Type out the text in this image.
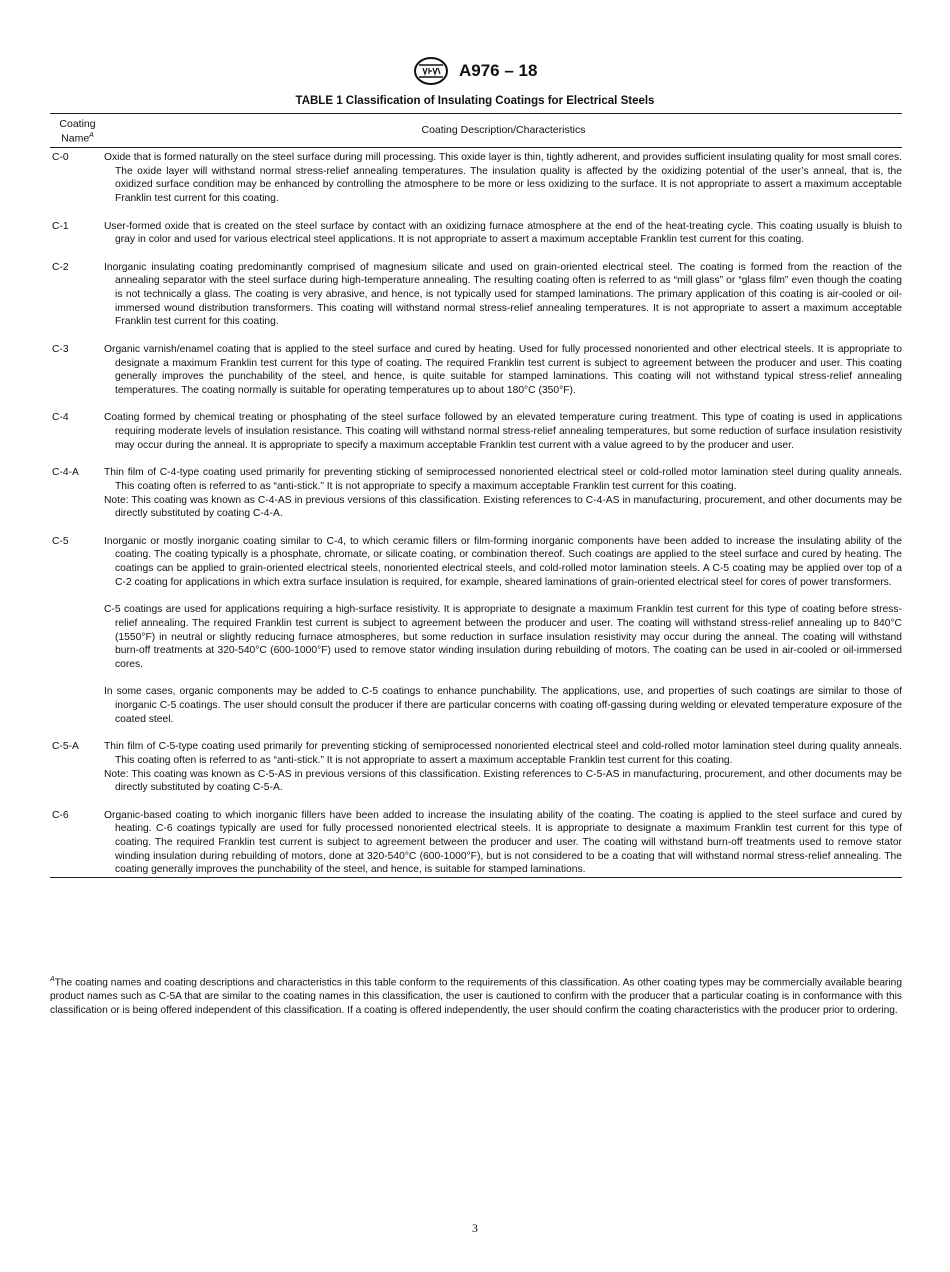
A976 – 18
TABLE 1 Classification of Insulating Coatings for Electrical Steels
Coating
Name$^A$	Coating Description/Characteristics
C-0	Oxide that is formed naturally on the steel surface during mill processing. This oxide layer is thin, tightly adherent, and provides sufficient insulating quality for most small cores. The oxide layer will withstand normal stress-relief annealing temperatures. The insulation quality is affected by the oxidizing potential of the user’s anneal, that is, the oxidized surface condition may be enhanced by controlling the atmosphere to be more or less oxidizing to the surface. It is not appropriate to assert a maximum acceptable Franklin test current for this coating.
C-1	User-formed oxide that is created on the steel surface by contact with an oxidizing furnace atmosphere at the end of the heat-treating cycle. This coating usually is bluish to gray in color and used for various electrical steel applications. It is not appropriate to assert a maximum acceptable Franklin test current for this coating.
C-2	Inorganic insulating coating predominantly comprised of magnesium silicate and used on grain-oriented electrical steel. The coating is formed from the reaction of the annealing separator with the steel surface during high-temperature annealing. The resulting coating often is referred to as “mill glass” or “glass film” even though the coating is not technically a glass. The coating is very abrasive, and hence, is not typically used for stamped laminations. The primary application of this coating is air-cooled or oil-immersed wound distribution transformers. This coating will withstand normal stress-relief annealing temperatures. It is not appropriate to assert a maximum acceptable Franklin test current for this coating.
C-3	Organic varnish/enamel coating that is applied to the steel surface and cured by heating. Used for fully processed nonoriented and other electrical steels. It is appropriate to designate a maximum Franklin test current for this type of coating. The required Franklin test current is subject to agreement between the producer and user. This coating generally improves the punchability of the steel, and hence, is quite suitable for stamped laminations. This coating will not withstand typical stress-relief annealing temperatures. The coating normally is suitable for operating temperatures up to about 180°C (350°F).
C-4	Coating formed by chemical treating or phosphating of the steel surface followed by an elevated temperature curing treatment. This type of coating is used in applications requiring moderate levels of insulation resistance. This coating will withstand normal stress-relief annealing temperatures, but some reduction of surface insulation resistivity may occur during the anneal. It is appropriate to specify a maximum acceptable Franklin test current with a value agreed to by the producer and user.
C-4-A	Thin film of C-4-type coating used primarily for preventing sticking of semiprocessed nonoriented electrical steel or cold-rolled motor lamination steel during quality anneals. This coating often is referred to as “anti-stick.” It is not appropriate to specify a maximum acceptable Franklin test current for this coating.
Note: This coating was known as C-4-AS in previous versions of this classification. Existing references to C-4-AS in manufacturing, procurement, and other documents may be directly substituted by coating C-4-A.
C-5	Inorganic or mostly inorganic coating similar to C-4, to which ceramic fillers or film-forming inorganic components have been added to increase the insulating ability of the coating. The coating typically is a phosphate, chromate, or silicate coating, or combination thereof. Such coatings are applied to the steel surface and cured by heating. The coatings can be applied to grain-oriented electrical steels, nonoriented electrical steels, and cold-rolled motor lamination steels. A C-5 coating may be applied over top of a C-2 coating for applications in which extra surface insulation is required, for example, sheared laminations of grain-oriented electrical steel for cores of power transformers.
C-5 coatings are used for applications requiring a high-surface resistivity. It is appropriate to designate a maximum Franklin test current for this type of coating before stress-relief annealing. The required Franklin test current is subject to agreement between the producer and user. The coating will withstand stress-relief annealing up to 840°C (1550°F) in neutral or slightly reducing furnace atmospheres, but some reduction in surface insulation resistivity may occur during the anneal. The coating will withstand burn-off treatments at 320-540°C (600-1000°F) used to remove stator winding insulation during rebuilding of motors. The coating can be used in air-cooled or oil-immersed cores.
In some cases, organic components may be added to C-5 coatings to enhance punchability. The applications, use, and properties of such coatings are similar to those of inorganic C-5 coatings. The user should consult the producer if there are particular concerns with coating off-gassing during welding or elevated temperature exposure of the coated steel.
C-5-A	Thin film of C-5-type coating used primarily for preventing sticking of semiprocessed nonoriented electrical steel and cold-rolled motor lamination steel during quality anneals. This coating often is referred to as “anti-stick.” It is not appropriate to assert a maximum acceptable Franklin test current for this coating.
Note: This coating was known as C-5-AS in previous versions of this classification. Existing references to C-5-AS in manufacturing, procurement, and other documents may be directly substituted by coating C-5-A.
C-6	Organic-based coating to which inorganic fillers have been added to increase the insulating ability of the coating. The coating is applied to the steel surface and cured by heating. C-6 coatings typically are used for fully processed nonoriented electrical steels. It is appropriate to designate a maximum Franklin test current for this type of coating. The required Franklin test current is subject to agreement between the producer and user. The coating will withstand burn-off treatments used to remove stator winding insulation during rebuilding of motors, done at 320-540°C (600-1000°F), but is not considered to be a coating that will withstand normal stress-relief annealing. The coating generally improves the punchability of the steel, and hence, is suitable for stamped laminations.
$^A$The coating names and coating descriptions and characteristics in this table conform to the requirements of this classification. As other coating types may be commercially available bearing product names such as C-5A that are similar to the coating names in this classification, the user is cautioned to confirm with the producer that a particular coating is in conformance with this classification or is being offered independent of this classification. If a coating is offered independently, the user should confirm the coating characteristics with the producer prior to ordering.
3
